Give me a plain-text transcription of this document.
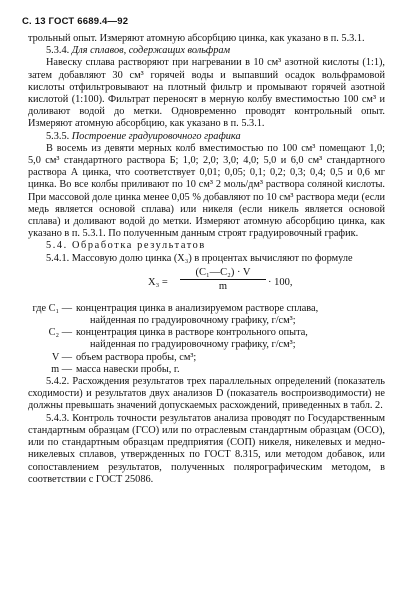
С. 13 ГОСТ 6689.4—92

трольный опыт. Измеряют атомную абсорбцию цинка, как указано в п. 5.3.1.

5.3.4. Для сплавов, содержащих вольфрам

Навеску сплава растворяют при нагревании в 10 см³ азотной кислоты (1:1), затем добавляют 30 см³ горячей воды и выпавший осадок вольфрамовой кислоты отфильтровывают на плотный фильтр и промывают горячей азотной кислотой (1:100). Фильтрат переносят в мерную колбу вместимостью 100 см³ и доливают водой до метки. Одновременно проводят контрольный опыт. Измеряют атомную абсорбцию, как указано в п. 5.3.1.

5.3.5. Построение градуировочного графика

В восемь из девяти мерных колб вместимостью по 100 см³ помещают 1,0; 5,0 см³ стандартного раствора Б; 1,0; 2,0; 3,0; 4,0; 5,0 и 6,0 см³ стандартного раствора А цинка, что соответствует 0,01; 0,05; 0,1; 0,2; 0,3; 0,4; 0,5 и 0,6 мг цинка. Во все колбы приливают по 10 см³ 2 моль/дм³ раствора соляной кислоты. При массовой доле цинка менее 0,05 % добавляют по 10 см³ раствора меди (если медь является основой сплава) или никеля (если никель является основой сплава) и доливают водой до метки. Измеряют атомную абсорбцию цинка, как указано в п. 5.3.1. По полученным данным строят градуировочный график.

5.4. Обработка результатов

5.4.1. Массовую долю цинка (X₃) в процентах вычисляют по формуле

$X_3 = \frac{\text{(C₁—C₂) · V}}{m} \cdot 100$,
где C₁ — концентрация цинка в анализируемом растворе сплава,
найденная по градуировочному графику, г/см³;
C₂ — концентрация цинка в растворе контрольного опыта,
найденная по градуировочному графику, г/см³;
V — объем раствора пробы, см³;
m — масса навески пробы, г.

5.4.2. Расхождения результатов трех параллельных определений (показатель сходимости) и результатов двух анализов D (показатель воспроизводимости) не должны превышать значений допускаемых расхождений, приведенных в табл. 2.

5.4.3. Контроль точности результатов анализа проводят по Государственным стандартным образцам (ГСО) или по отраслевым стандартным образцам (ОСО), или по стандартным образцам предприятия (СОП) никеля, никелевых и медно-никелевых сплавов, утвержденных по ГОСТ 8.315, или методом добавок, или сопоставлением результатов, полученных полярографическим методом, в соответствии с ГОСТ 25086.
